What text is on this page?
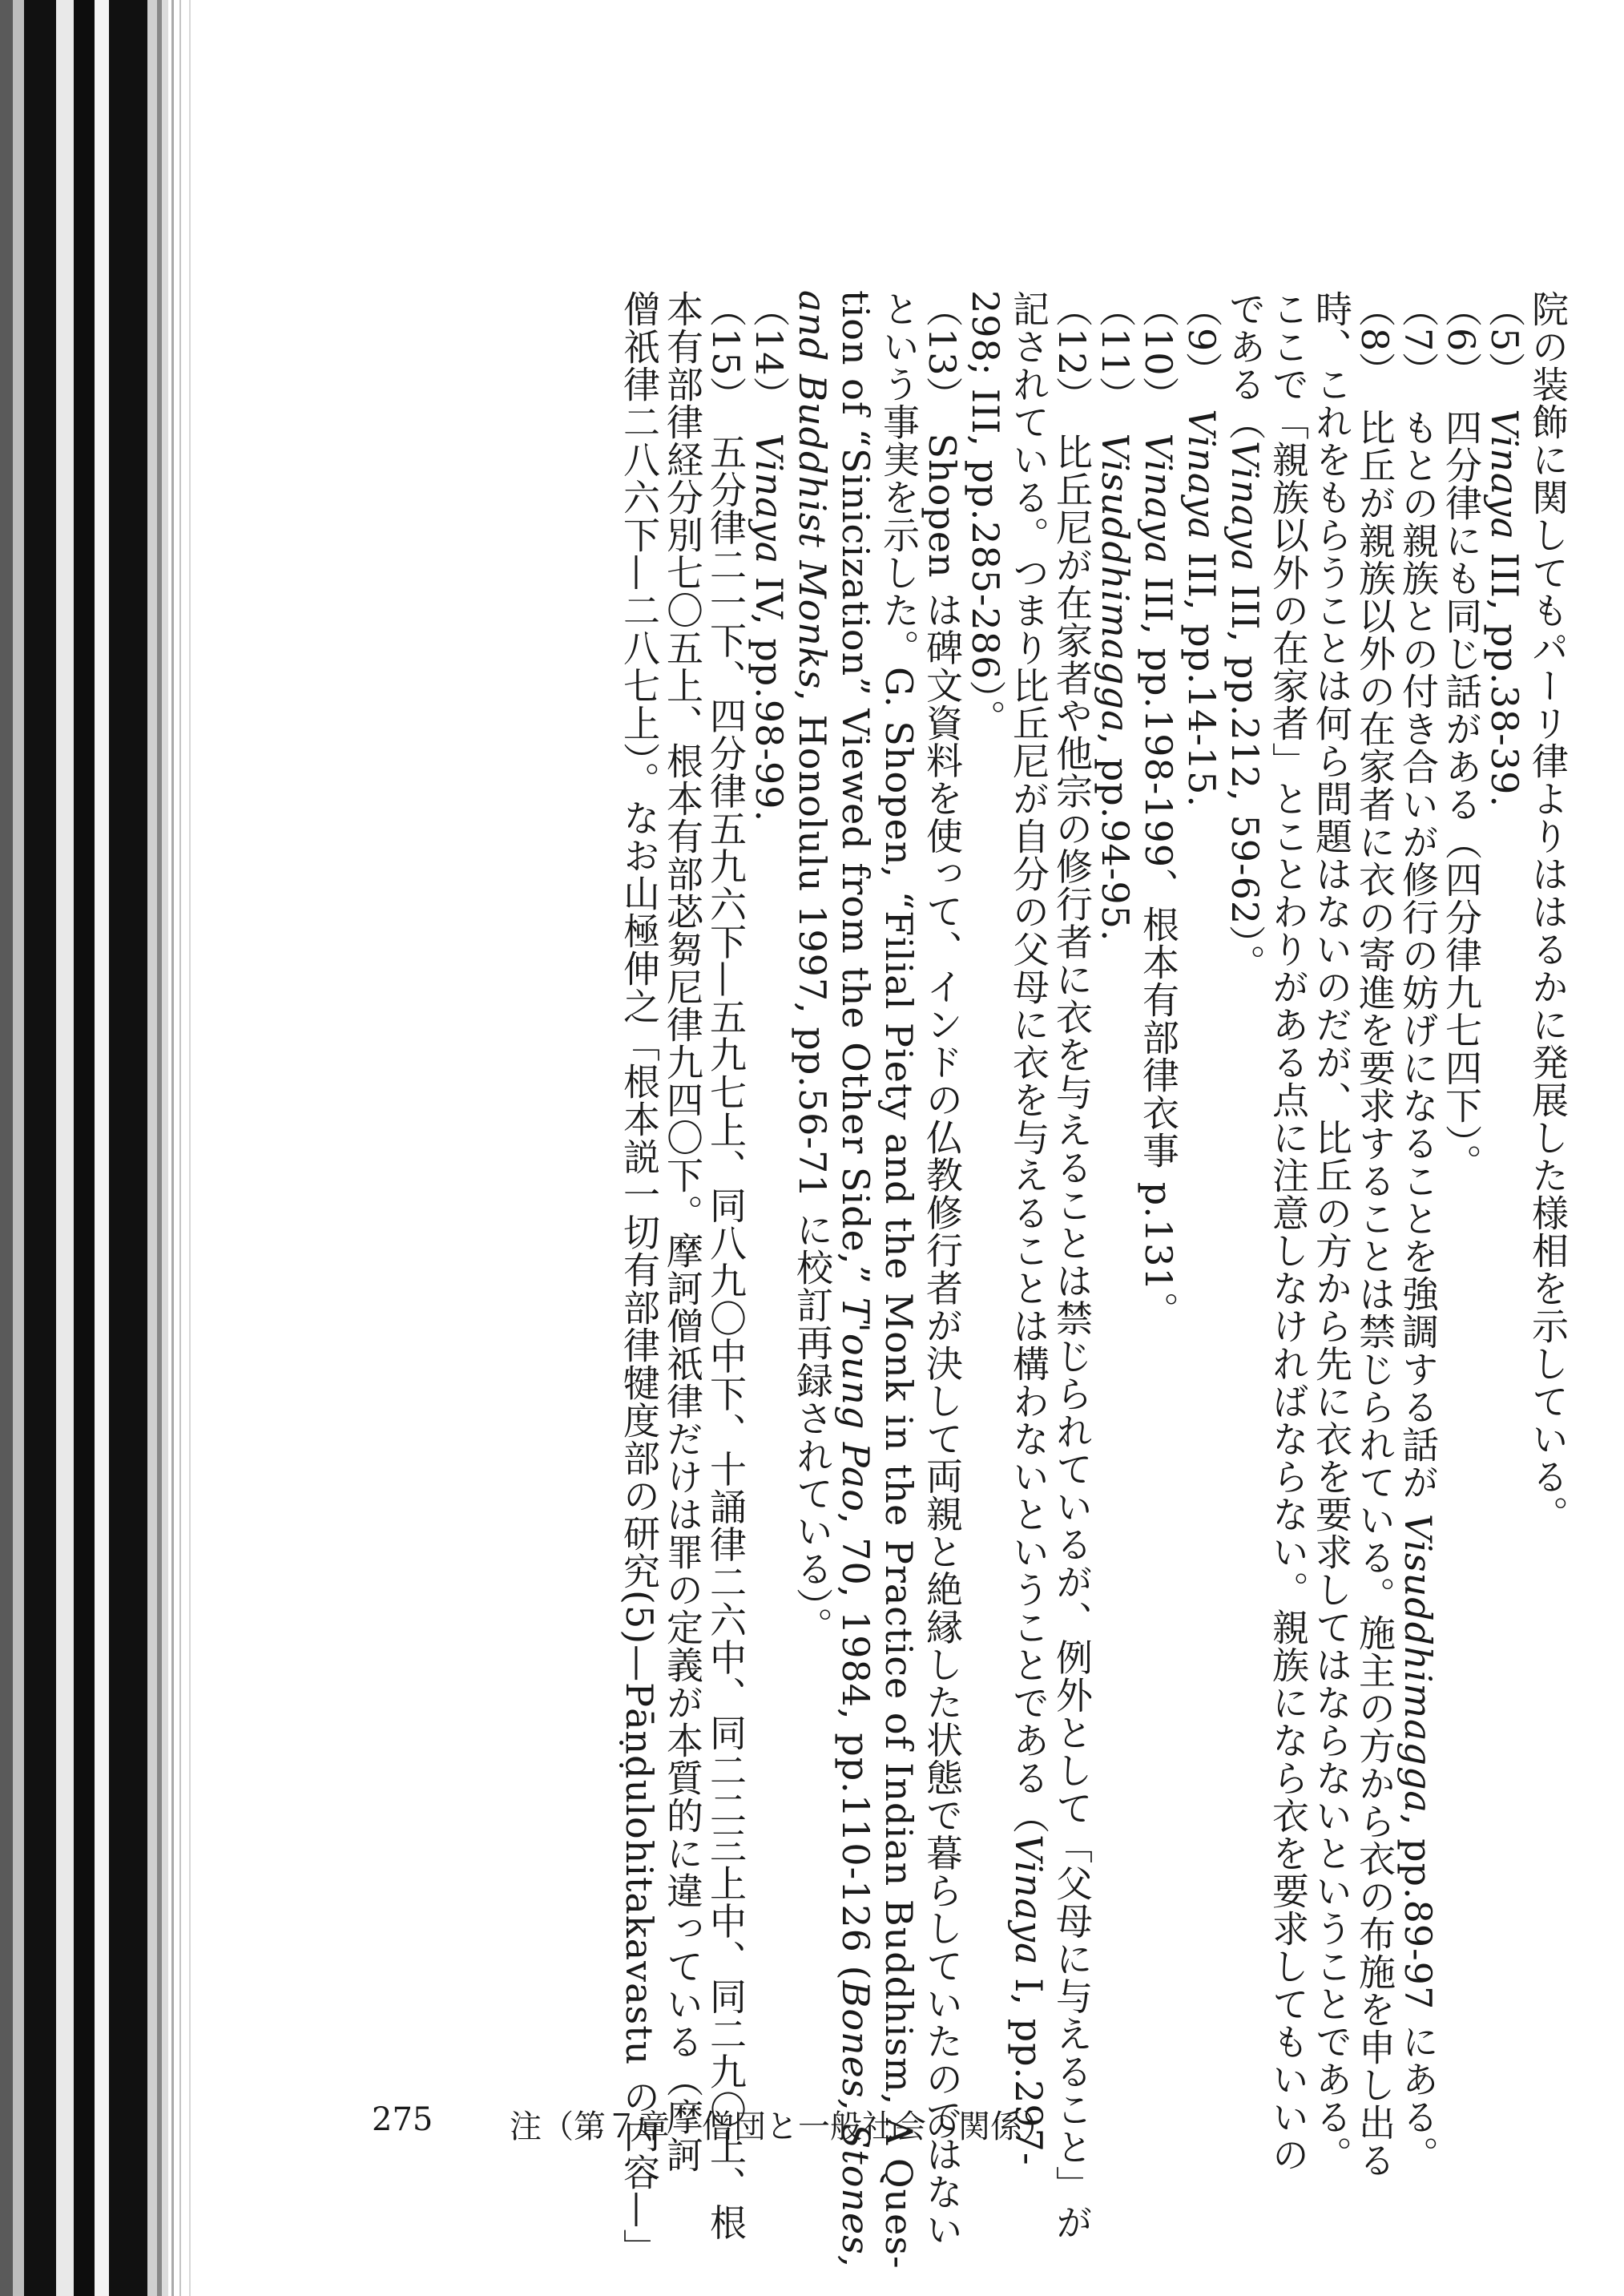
院の装飾に関してもパーリ律よりははるかに発展した様相を示している。
（5）　Vinaya III, pp.38-39.
（6）　四分律にも同じ話がある（四分律九七四下）。
（7）　もとの親族との付き合いが修行の妨げになることを強調する話が Visuddhimagga, pp.89-97 にある。
（8）　比丘が親族以外の在家者に衣の寄進を要求することは禁じられている。施主の方から衣の布施を申し出る
時、これをもらうことは何ら問題はないのだが、比丘の方から先に衣を要求してはならないということである。
ここで「親族以外の在家者」とことわりがある点に注意しなければならない。親族になら衣を要求してもいいの
である（Vinaya III, pp.212, 59-62）。
（9）　Vinaya III, pp.14-15.
（10）　Vinaya III, pp.198-199、根本有部律衣事 p.131。
（11）　Visuddhimagga, pp.94-95.
（12）　比丘尼が在家者や他宗の修行者に衣を与えることは禁じられているが、例外として「父母に与えること」が
記されている。つまり比丘尼が自分の父母に衣を与えることは構わないということである（Vinaya I, pp.297-
298; III, pp.285-286）。
（13）　Shopen は碑文資料を使って、インドの仏教修行者が決して両親と絶縁した状態で暮らしていたのではない
という事実を示した。G. Shopen, “Filial Piety and the Monk in the Practice of Indian Buddhism, A Ques-
tion of “Sinicization” Viewed from the Other Side,” T'oung Pao, 70, 1984, pp.110-126 (Bones, Stones,
and Buddhist Monks, Honolulu 1997, pp.56-71 に校訂再録されている）。
（14）　Vinaya IV, pp.98-99.
（15）　五分律二一下、四分律五九六下—五九七上、同八九〇中下、十誦律二六中、同二二三上中、同二九〇上、根
本有部律経分別七〇五上、根本有部苾芻尼律九四〇下。摩訶僧祇律だけは罪の定義が本質的に違っている（摩訶
僧祇律二八六下—二八七上）。なお山極伸之「根本説一切有部律犍度部の研究(5)—Pāṇḍulohitakavastu の内容—」
275 注（第７章　僧団と一般社会の関係）
